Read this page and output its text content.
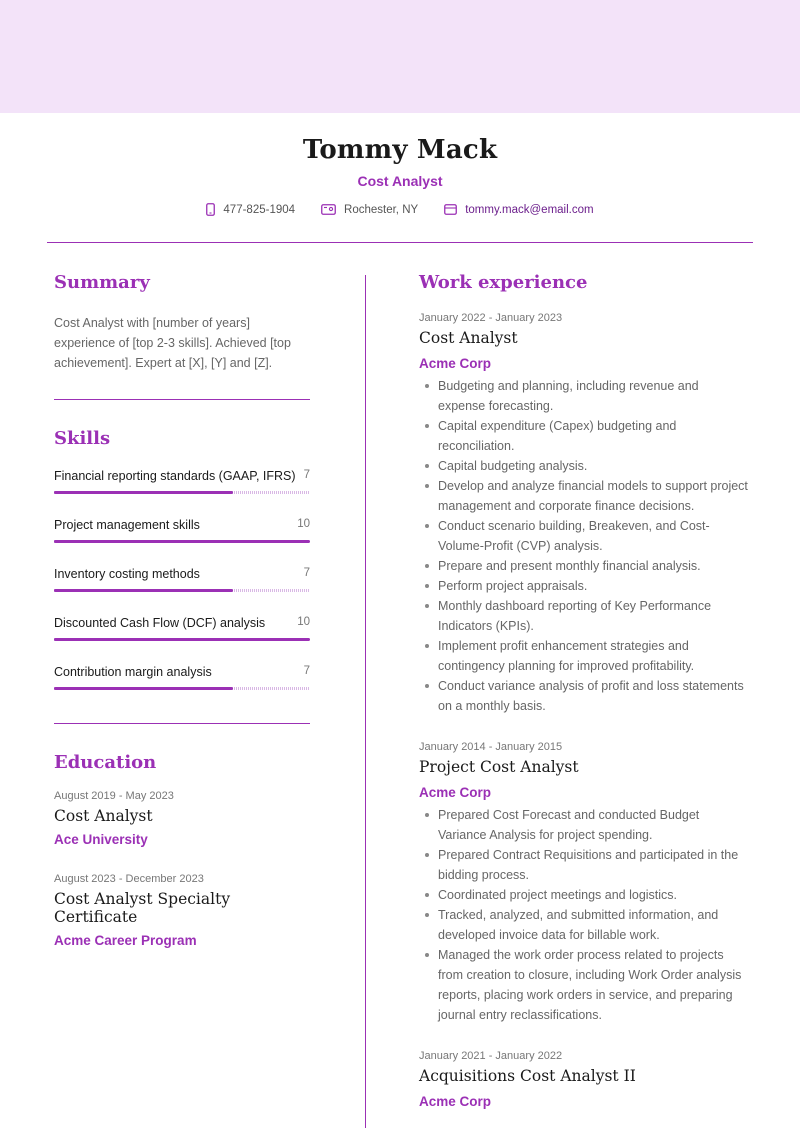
Tommy Mack
Cost Analyst
477-825-1904	Rochester, NY	tommy.mack@email.com
Summary
Cost Analyst with [number of years] experience of [top 2-3 skills]. Achieved [top achievement]. Expert at [X], [Y] and [Z].
Skills
Financial reporting standards (GAAP, IFRS) 7
Project management skills	10
Inventory costing methods	7
Discounted Cash Flow (DCF) analysis	10
Contribution margin analysis	7
Education
August 2019 - May 2023
Cost Analyst
Ace University
August 2023 - December 2023
Cost Analyst Specialty Certificate
Acme Career Program
Work experience
January 2022 - January 2023
Cost Analyst
Acme Corp
Budgeting and planning, including revenue and expense forecasting.
Capital expenditure (Capex) budgeting and reconciliation.
Capital budgeting analysis.
Develop and analyze financial models to support project management and corporate finance decisions.
Conduct scenario building, Breakeven, and Cost-Volume-Profit (CVP) analysis.
Prepare and present monthly financial analysis.
Perform project appraisals.
Monthly dashboard reporting of Key Performance Indicators (KPIs).
Implement profit enhancement strategies and contingency planning for improved profitability.
Conduct variance analysis of profit and loss statements on a monthly basis.
January 2014 - January 2015
Project Cost Analyst
Acme Corp
Prepared Cost Forecast and conducted Budget Variance Analysis for project spending.
Prepared Contract Requisitions and participated in the bidding process.
Coordinated project meetings and logistics.
Tracked, analyzed, and submitted information, and developed invoice data for billable work.
Managed the work order process related to projects from creation to closure, including Work Order analysis reports, placing work orders in service, and preparing journal entry reclassifications.
January 2021 - January 2022
Acquisitions Cost Analyst II
Acme Corp
